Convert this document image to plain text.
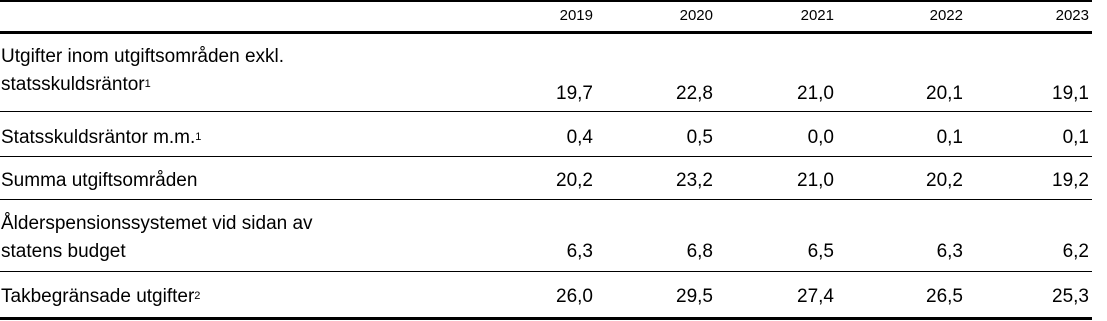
2019	2020	2021	2022	2023
Utgifter inom utgiftsområden exkl.
statsskuldsräntor$^1$	19,7	22,8	21,0	20,1	19,1
Statsskuldsräntor m.m.$^1$	0,4	0,5	0,0	0,1	0,1
Summa utgiftsområden	20,2	23,2	21,0	20,2	19,2
Ålderspensionssystemet vid sidan av
statens budget	6,3	6,8	6,5	6,3	6,2
Takbegränsade utgifter$^2$	26,0	29,5	27,4	26,5	25,3
